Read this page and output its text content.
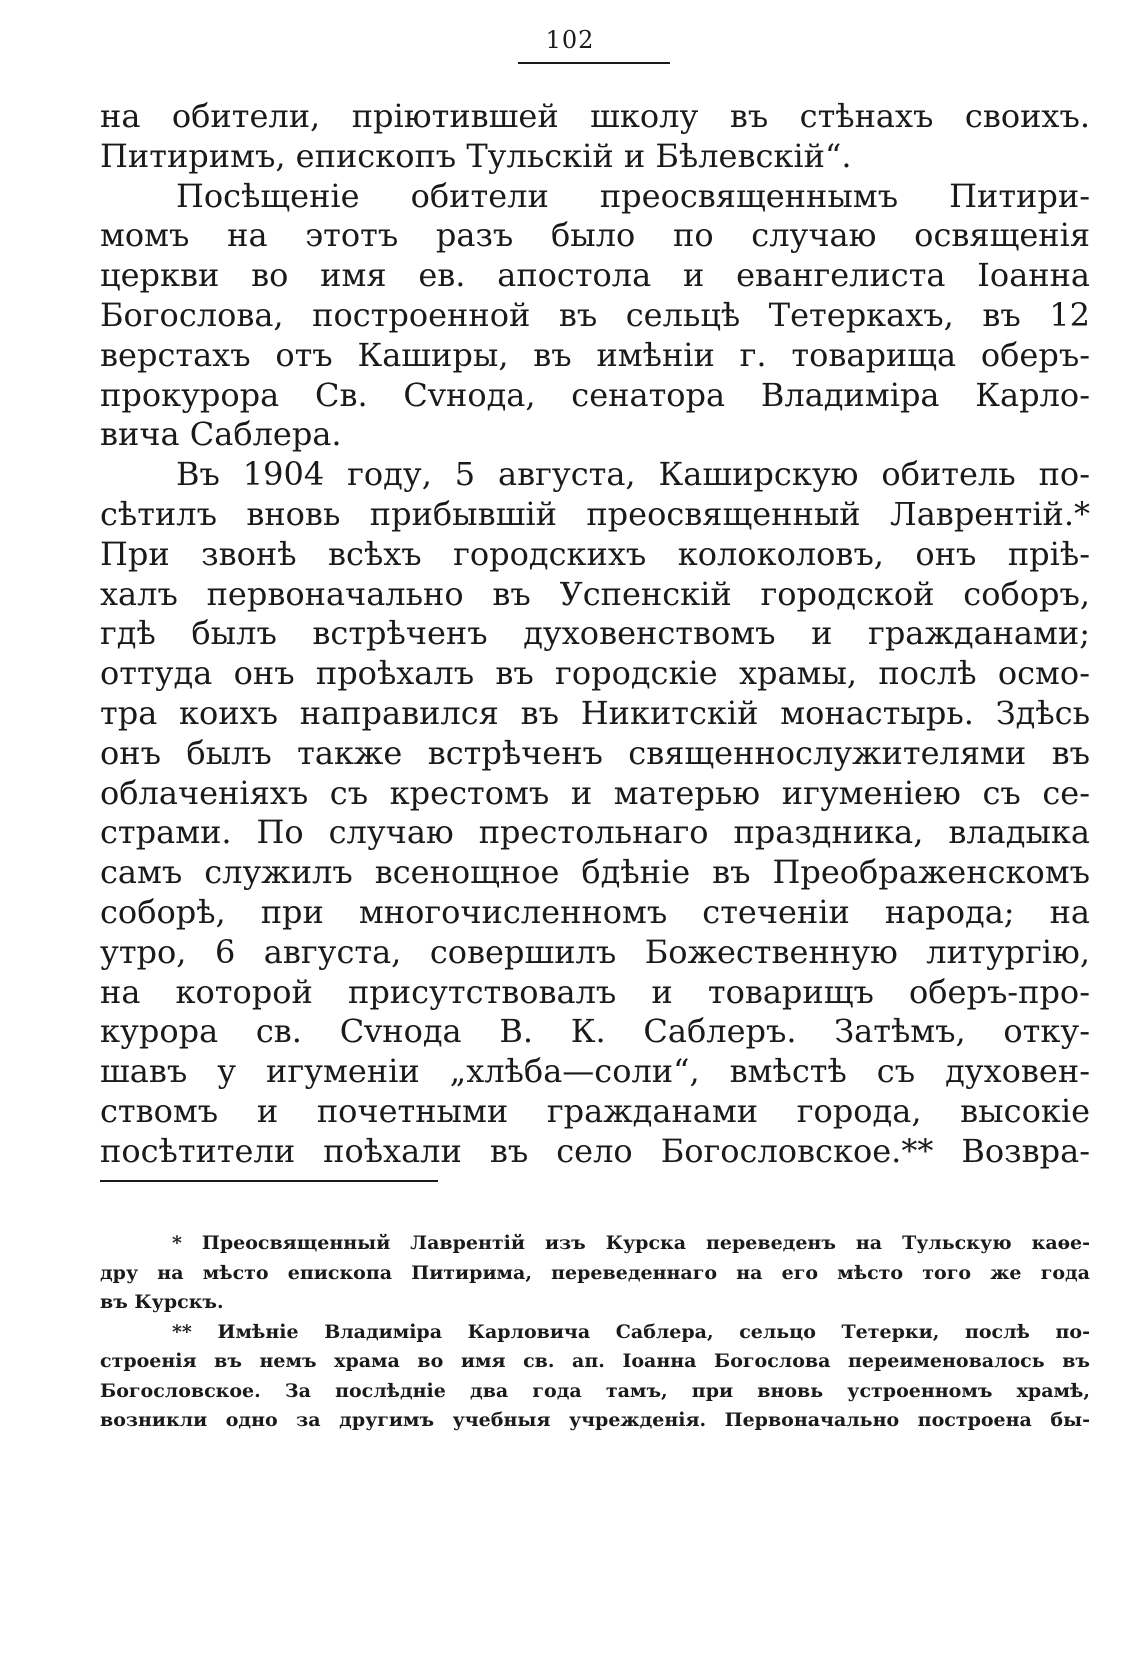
102
на обители, пріютившей школу въ стѣнахъ своихъ.
Питиримъ, епископъ Тульскій и Бѣлевскій“.
Посѣщеніе обители преосвященнымъ Питири-
момъ на этотъ разъ было по случаю освященія
церкви во имя ев. апостола и евангелиста Іоанна
Богослова, построенной въ сельцѣ Тетеркахъ, въ 12
верстахъ отъ Каширы, въ имѣніи г. товарища оберъ-
прокурора Св. Сvнода, сенатора Владиміра Карло-
вича Саблера.
Въ 1904 году, 5 августа, Каширскую обитель по-
сѣтилъ вновь прибывшій преосвященный Лаврентій.*
При звонѣ всѣхъ городскихъ колоколовъ, онъ пріѣ-
халъ первоначально въ Успенскій городской соборъ,
гдѣ былъ встрѣченъ духовенствомъ и гражданами;
оттуда онъ проѣхалъ въ городскіе храмы, послѣ осмо-
тра коихъ направился въ Никитскій монастырь. Здѣсь
онъ былъ также встрѣченъ священнослужителями въ
облаченіяхъ съ крестомъ и матерью игуменіею съ се-
страми. По случаю престольнаго праздника, владыка
самъ служилъ всенощное бдѣніе въ Преображенскомъ
соборѣ, при многочисленномъ стеченіи народа; на
утро, 6 августа, совершилъ Божественную литургію,
на которой присутствовалъ и товарищъ оберъ-про-
курора св. Сvнода В. К. Саблеръ. Затѣмъ, отку-
шавъ у игуменіи „хлѣба—соли“, вмѣстѣ съ духовен-
ствомъ и почетными гражданами города, высокіе
посѣтители поѣхали въ село Богословское.** Возвра-
* Преосвященный Лаврентій изъ Курска переведенъ на Тульскую каѳе-
дру на мѣсто епископа Питирима, переведеннаго на его мѣсто того же года
въ Курскъ.
** Имѣніе Владиміра Карловича Саблера, сельцо Тетерки, послѣ по-
строенія въ немъ храма во имя св. ап. Іоанна Богослова переименовалось въ
Богословское. За послѣдніе два года тамъ, при вновь устроенномъ храмѣ,
возникли одно за другимъ учебныя учрежденія. Первоначально построена бы-
